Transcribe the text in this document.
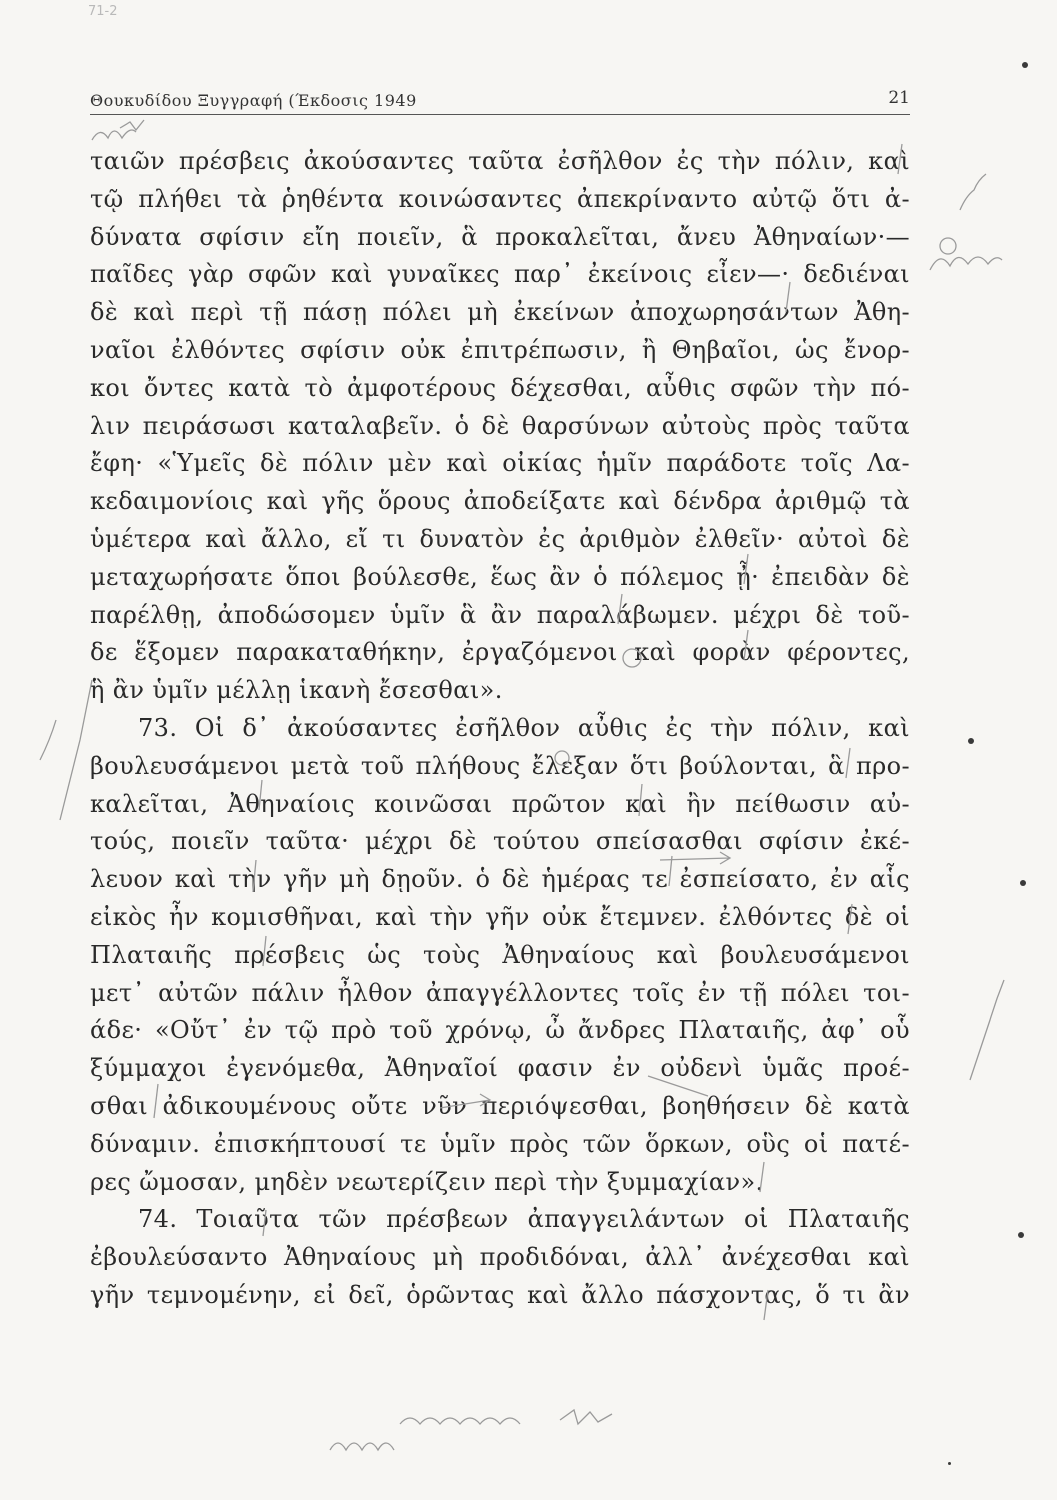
71-2
Θουκυδίδου Ξυγγραφή (Έκδοσις 1949	21
ταιῶν πρέσβεις ἀκούσαντες ταῦτα ἐσῆλθον ἐς τὴν πόλιν, καὶ
τῷ πλήθει τὰ ῥηθέντα κοινώσαντες ἀπεκρίναντο αὐτῷ ὅτι ἀ-
δύνατα σφίσιν εἴη ποιεῖν, ἃ προκαλεῖται, ἄνευ Ἀθηναίων·—
παῖδες γὰρ σφῶν καὶ γυναῖκες παρ᾽ ἐκείνοις εἶεν—· δεδιέναι
δὲ καὶ περὶ τῇ πάσῃ πόλει μὴ ἐκείνων ἀποχωρησάντων Ἀθη-
ναῖοι ἐλθόντες σφίσιν οὐκ ἐπιτρέπωσιν, ἢ Θηβαῖοι, ὡς ἔνορ-
κοι ὄντες κατὰ τὸ ἀμφοτέρους δέχεσθαι, αὖθις σφῶν τὴν πό-
λιν πειράσωσι καταλαβεῖν. ὁ δὲ θαρσύνων αὐτοὺς πρὸς ταῦτα
ἔφη· «Ὑμεῖς δὲ πόλιν μὲν καὶ οἰκίας ἡμῖν παράδοτε τοῖς Λα-
κεδαιμονίοις καὶ γῆς ὅρους ἀποδείξατε καὶ δένδρα ἀριθμῷ τὰ
ὑμέτερα καὶ ἄλλο, εἴ τι δυνατὸν ἐς ἀριθμὸν ἐλθεῖν· αὐτοὶ δὲ
μεταχωρήσατε ὅποι βούλεσθε, ἕως ἂν ὁ πόλεμος ᾖ· ἐπειδὰν δὲ
παρέλθῃ, ἀποδώσομεν ὑμῖν ἃ ἂν παραλάβωμεν. μέχρι δὲ τοῦ-
δε ἕξομεν παρακαταθήκην, ἐργαζόμενοι καὶ φορὰν φέροντες,
ἣ ἂν ὑμῖν μέλλῃ ἱκανὴ ἔσεσθαι».
73. Οἱ δ᾽ ἀκούσαντες ἐσῆλθον αὖθις ἐς τὴν πόλιν, καὶ
βουλευσάμενοι μετὰ τοῦ πλήθους ἔλεξαν ὅτι βούλονται, ἃ προ-
καλεῖται, Ἀθηναίοις κοινῶσαι πρῶτον καὶ ἢν πείθωσιν αὐ-
τούς, ποιεῖν ταῦτα· μέχρι δὲ τούτου σπείσασθαι σφίσιν ἐκέ-
λευον καὶ τὴν γῆν μὴ δῃοῦν. ὁ δὲ ἡμέρας τε ἐσπείσατο, ἐν αἷς
εἰκὸς ἦν κομισθῆναι, καὶ τὴν γῆν οὐκ ἔτεμνεν. ἐλθόντες δὲ οἱ
Πλαταιῆς πρέσβεις ὡς τοὺς Ἀθηναίους καὶ βουλευσάμενοι
μετ᾽ αὐτῶν πάλιν ἦλθον ἀπαγγέλλοντες τοῖς ἐν τῇ πόλει τοι-
άδε· «Οὔτ᾽ ἐν τῷ πρὸ τοῦ χρόνῳ, ὦ ἄνδρες Πλαταιῆς, ἀφ᾽ οὗ
ξύμμαχοι ἐγενόμεθα, Ἀθηναῖοί φασιν ἐν οὐδενὶ ὑμᾶς προέ-
σθαι ἀδικουμένους οὔτε νῦν περιόψεσθαι, βοηθήσειν δὲ κατὰ
δύναμιν. ἐπισκήπτουσί τε ὑμῖν πρὸς τῶν ὅρκων, οὓς οἱ πατέ-
ρες ὤμοσαν, μηδὲν νεωτερίζειν περὶ τὴν ξυμμαχίαν».
74. Τοιαῦτα τῶν πρέσβεων ἀπαγγειλάντων οἱ Πλαταιῆς
ἐβουλεύσαντο Ἀθηναίους μὴ προδιδόναι, ἀλλ᾽ ἀνέχεσθαι καὶ
γῆν τεμνομένην, εἰ δεῖ, ὁρῶντας καὶ ἄλλο πάσχοντας, ὅ τι ἂν
